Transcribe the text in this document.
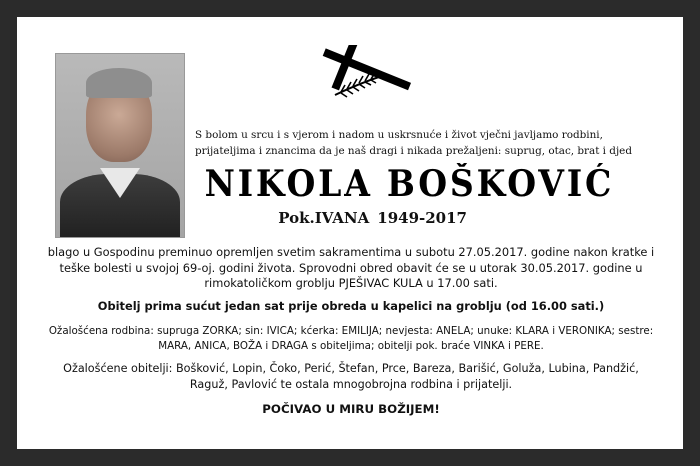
S bolom u srcu i s vjerom i nadom u uskrsnuće i život vječni javljamo rodbini, prijateljima i znancima da je naš dragi i nikada prežaljeni: suprug, otac, brat i djed
NIKOLA BOŠKOVIĆ
Pok.IVANA 1949-2017
blago u Gospodinu preminuo opremljen svetim sakramentima u subotu 27.05.2017. godine nakon kratke i teške bolesti u svojoj 69-oj. godini života. Sprovodni obred obavit će se u utorak 30.05.2017. godine u rimokatoličkom groblju PJEŠIVAC KULA u 17.00 sati.
Obitelj prima sućut jedan sat prije obreda u kapelici na groblju (od 16.00 sati.)
Ožalošćena rodbina: supruga ZORKA; sin: IVICA; kćerka: EMILIJA; nevjesta: ANELA; unuke: KLARA i VERONIKA; sestre: MARA, ANICA, BOŽA i DRAGA s obiteljima; obitelji pok. braće VINKA i PERE.
Ožalošćene obitelji: Bošković, Lopin, Čoko, Perić, Štefan, Prce, Bareza, Barišić, Goluža, Lubina, Pandžić, Raguž, Pavlović te ostala mnogobrojna rodbina i prijatelji.
POČIVAO U MIRU BOŽIJEM!
